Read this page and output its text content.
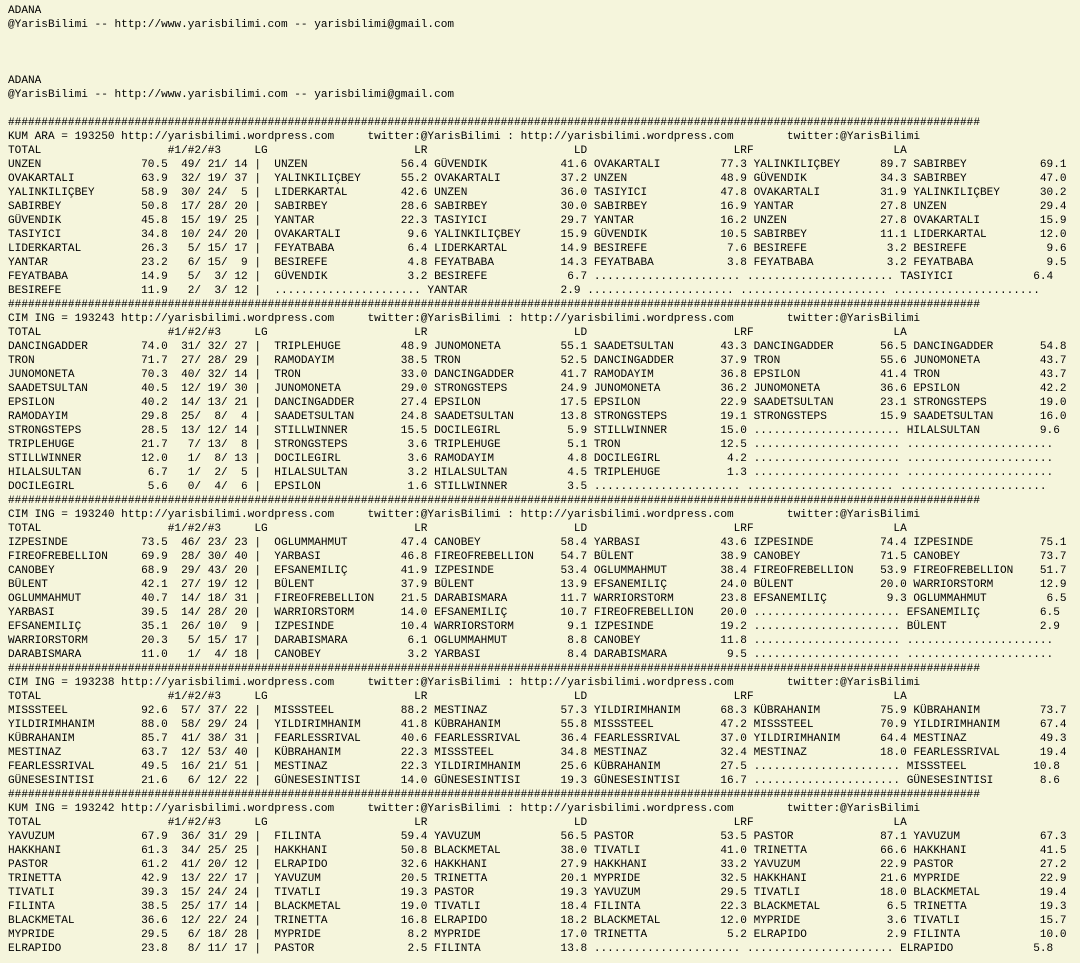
ADANA
@YarisBilimi -- http://www.yarisbilimi.com -- yarisbilimi@gmail.com

ADANA
@YarisBilimi -- http://www.yarisbilimi.com -- yarisbilimi@gmail.com

##################################################################################################################################################
KUM ARA = 193250 http://yarisbilimi.wordpress.com     twitter:@YarisBilimi : http://yarisbilimi.wordpress.com        twitter:@YarisBilimi
TOTAL                   #1/#2/#3     LG                      LR                      LD                      LRF                     LA
UNZEN               70.5  49/ 21/ 14 |  UNZEN              56.4 GÜVENDIK           41.6 OVAKARTALI         77.3 YALINKILIÇBEY      89.7 SABIRBEY           69.1
OVAKARTALI          63.9  32/ 19/ 37 |  YALINKILIÇBEY      55.2 OVAKARTALI         37.2 UNZEN              48.9 GÜVENDIK           34.3 SABIRBEY           47.0
YALINKILIÇBEY       58.9  30/ 24/  5 |  LIDERKARTAL        42.6 UNZEN              36.0 TASIYICI           47.8 OVAKARTALI         31.9 YALINKILIÇBEY      30.2
SABIRBEY            50.8  17/ 28/ 20 |  SABIRBEY           28.6 SABIRBEY           30.0 SABIRBEY           16.9 YANTAR             27.8 UNZEN              29.4
GÜVENDIK            45.8  15/ 19/ 25 |  YANTAR             22.3 TASIYICI           29.7 YANTAR             16.2 UNZEN              27.8 OVAKARTALI         15.9
TASIYICI            34.8  10/ 24/ 20 |  OVAKARTALI          9.6 YALINKILIÇBEY      15.9 GÜVENDIK           10.5 SABIRBEY           11.1 LIDERKARTAL        12.0
LIDERKARTAL         26.3   5/ 15/ 17 |  FEYATBABA           6.4 LIDERKARTAL        14.9 BESIREFE            7.6 BESIREFE            3.2 BESIREFE            9.6
YANTAR              23.2   6/ 15/  9 |  BESIREFE            4.8 FEYATBABA          14.3 FEYATBABA           3.8 FEYATBABA           3.2 FEYATBABA           9.5
FEYATBABA           14.9   5/  3/ 12 |  GÜVENDIK            3.2 BESIREFE            6.7 ...................... ...................... TASIYICI            6.4
BESIREFE            11.9   2/  3/ 12 |  ...................... YANTAR              2.9 ...................... ...................... ......................
##################################################################################################################################################
CIM ING = 193243 http://yarisbilimi.wordpress.com     twitter:@YarisBilimi : http://yarisbilimi.wordpress.com        twitter:@YarisBilimi
TOTAL                   #1/#2/#3     LG                      LR                      LD                      LRF                     LA
DANCINGADDER        74.0  31/ 32/ 27 |  TRIPLEHUGE         48.9 JUNOMONETA         55.1 SAADETSULTAN       43.3 DANCINGADDER       56.5 DANCINGADDER       54.8
TRON                71.7  27/ 28/ 29 |  RAMODAYIM          38.5 TRON               52.5 DANCINGADDER       37.9 TRON               55.6 JUNOMONETA         43.7
JUNOMONETA          70.3  40/ 32/ 14 |  TRON               33.0 DANCINGADDER       41.7 RAMODAYIM          36.8 EPSILON            41.4 TRON               43.7
SAADETSULTAN        40.5  12/ 19/ 30 |  JUNOMONETA         29.0 STRONGSTEPS        24.9 JUNOMONETA         36.2 JUNOMONETA         36.6 EPSILON            42.2
EPSILON             40.2  14/ 13/ 21 |  DANCINGADDER       27.4 EPSILON            17.5 EPSILON            22.9 SAADETSULTAN       23.1 STRONGSTEPS        19.0
RAMODAYIM           29.8  25/  8/  4 |  SAADETSULTAN       24.8 SAADETSULTAN       13.8 STRONGSTEPS        19.1 STRONGSTEPS        15.9 SAADETSULTAN       16.0
STRONGSTEPS         28.5  13/ 12/ 14 |  STILLWINNER        15.5 DOCILEGIRL          5.9 STILLWINNER        15.0 ...................... HILALSULTAN         9.6
TRIPLEHUGE          21.7   7/ 13/  8 |  STRONGSTEPS         3.6 TRIPLEHUGE          5.1 TRON               12.5 ...................... ......................
STILLWINNER         12.0   1/  8/ 13 |  DOCILEGIRL          3.6 RAMODAYIM           4.8 DOCILEGIRL          4.2 ...................... ......................
HILALSULTAN          6.7   1/  2/  5 |  HILALSULTAN         3.2 HILALSULTAN         4.5 TRIPLEHUGE          1.3 ...................... ......................
DOCILEGIRL           5.6   0/  4/  6 |  EPSILON             1.6 STILLWINNER         3.5 ...................... ...................... ......................
##################################################################################################################################################
CIM ING = 193240 http://yarisbilimi.wordpress.com     twitter:@YarisBilimi : http://yarisbilimi.wordpress.com        twitter:@YarisBilimi
TOTAL                   #1/#2/#3     LG                      LR                      LD                      LRF                     LA
IZPESINDE           73.5  46/ 23/ 23 |  OGLUMMAHMUT        47.4 CANOBEY            58.4 YARBASI            43.6 IZPESINDE          74.4 IZPESINDE          75.1
FIREOFREBELLION     69.9  28/ 30/ 40 |  YARBASI            46.8 FIREOFREBELLION    54.7 BÜLENT             38.9 CANOBEY            71.5 CANOBEY            73.7
CANOBEY             68.9  29/ 43/ 20 |  EFSANEMILIÇ        41.9 IZPESINDE          53.4 OGLUMMAHMUT        38.4 FIREOFREBELLION    53.9 FIREOFREBELLION    51.7
BÜLENT              42.1  27/ 19/ 12 |  BÜLENT             37.9 BÜLENT             13.9 EFSANEMILIÇ        24.0 BÜLENT             20.0 WARRIORSTORM       12.9
OGLUMMAHMUT         40.7  14/ 18/ 31 |  FIREOFREBELLION    21.5 DARABISMARA        11.7 WARRIORSTORM       23.8 EFSANEMILIÇ         9.3 OGLUMMAHMUT         6.5
YARBASI             39.5  14/ 28/ 20 |  WARRIORSTORM       14.0 EFSANEMILIÇ        10.7 FIREOFREBELLION    20.0 ...................... EFSANEMILIÇ         6.5
EFSANEMILIÇ         35.1  26/ 10/  9 |  IZPESINDE          10.4 WARRIORSTORM        9.1 IZPESINDE          19.2 ...................... BÜLENT              2.9
WARRIORSTORM        20.3   5/ 15/ 17 |  DARABISMARA         6.1 OGLUMMAHMUT         8.8 CANOBEY            11.8 ...................... ......................
DARABISMARA         11.0   1/  4/ 18 |  CANOBEY             3.2 YARBASI             8.4 DARABISMARA         9.5 ...................... ......................
##################################################################################################################################################
CIM ING = 193238 http://yarisbilimi.wordpress.com     twitter:@YarisBilimi : http://yarisbilimi.wordpress.com        twitter:@YarisBilimi
TOTAL                   #1/#2/#3     LG                      LR                      LD                      LRF                     LA
MISSSTEEL           92.6  57/ 37/ 22 |  MISSSTEEL          88.2 MESTINAZ           57.3 YILDIRIMHANIM      68.3 KÜBRAHANIM         75.9 KÜBRAHANIM         73.7
YILDIRIMHANIM       88.0  58/ 29/ 24 |  YILDIRIMHANIM      41.8 KÜBRAHANIM         55.8 MISSSTEEL          47.2 MISSSTEEL          70.9 YILDIRIMHANIM      67.4
KÜBRAHANIM          85.7  41/ 38/ 31 |  FEARLESSRIVAL      40.6 FEARLESSRIVAL      36.4 FEARLESSRIVAL      37.0 YILDIRIMHANIM      64.4 MESTINAZ           49.3
MESTINAZ            63.7  12/ 53/ 40 |  KÜBRAHANIM         22.3 MISSSTEEL          34.8 MESTINAZ           32.4 MESTINAZ           18.0 FEARLESSRIVAL      19.4
FEARLESSRIVAL       49.5  16/ 21/ 51 |  MESTINAZ           22.3 YILDIRIMHANIM      25.6 KÜBRAHANIM         27.5 ...................... MISSSTEEL          10.8
GÜNESESINTISI       21.6   6/ 12/ 22 |  GÜNESESINTISI      14.0 GÜNESESINTISI      19.3 GÜNESESINTISI      16.7 ...................... GÜNESESINTISI       8.6
##################################################################################################################################################
KUM ING = 193242 http://yarisbilimi.wordpress.com     twitter:@YarisBilimi : http://yarisbilimi.wordpress.com        twitter:@YarisBilimi
TOTAL                   #1/#2/#3     LG                      LR                      LD                      LRF                     LA
YAVUZUM             67.9  36/ 31/ 29 |  FILINTA            59.4 YAVUZUM            56.5 PASTOR             53.5 PASTOR             87.1 YAVUZUM            67.3
HAKKHANI            61.3  34/ 25/ 25 |  HAKKHANI           50.8 BLACKMETAL         38.0 TIVATLI            41.0 TRINETTA           66.6 HAKKHANI           41.5
PASTOR              61.2  41/ 20/ 12 |  ELRAPIDO           32.6 HAKKHANI           27.9 HAKKHANI           33.2 YAVUZUM            22.9 PASTOR             27.2
TRINETTA            42.9  13/ 22/ 17 |  YAVUZUM            20.5 TRINETTA           20.1 MYPRIDE            32.5 HAKKHANI           21.6 MYPRIDE            22.9
TIVATLI             39.3  15/ 24/ 24 |  TIVATLI            19.3 PASTOR             19.3 YAVUZUM            29.5 TIVATLI            18.0 BLACKMETAL         19.4
FILINTA             38.5  25/ 17/ 14 |  BLACKMETAL         19.0 TIVATLI            18.4 FILINTA            22.3 BLACKMETAL          6.5 TRINETTA           19.3
BLACKMETAL          36.6  12/ 22/ 24 |  TRINETTA           16.8 ELRAPIDO           18.2 BLACKMETAL         12.0 MYPRIDE             3.6 TIVATLI            15.7
MYPRIDE             29.5   6/ 18/ 28 |  MYPRIDE             8.2 MYPRIDE            17.0 TRINETTA            5.2 ELRAPIDO            2.9 FILINTA            10.0
ELRAPIDO            23.8   8/ 11/ 17 |  PASTOR              2.5 FILINTA            13.8 ...................... ...................... ELRAPIDO            5.8
